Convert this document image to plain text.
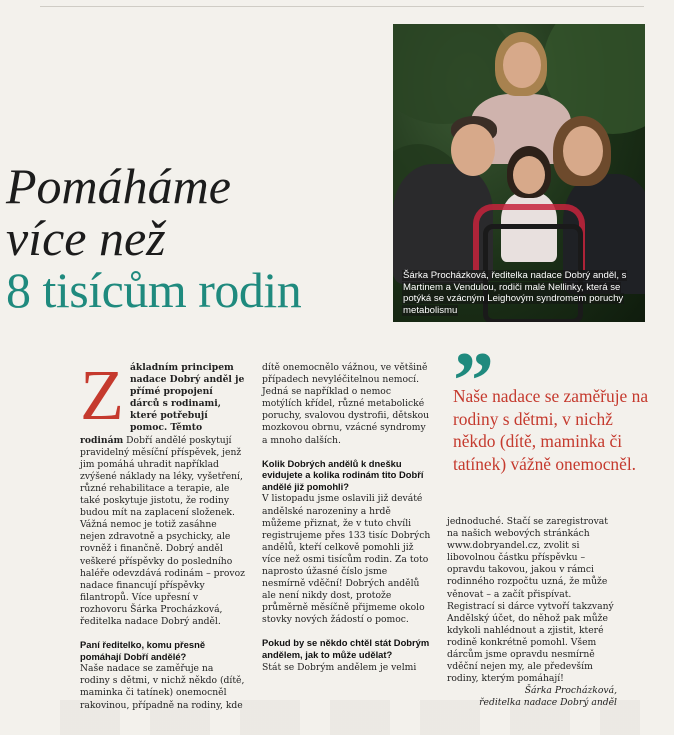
Pomáháme
více než
8 tisícům rodin	Šárka Procházková, ředitelka nadace Dobrý anděl, s Martinem a Vendulou, rodiči malé Nellinky, která se potýká se vzácným Leighovým syndromem poruchy metabolismu

Z ákladním principem nadace Dobrý anděl je přímé propojení dárců s rodinami, které potřebují pomoc. Těmto rodinám Dobří andělé poskytují pravidelný měsíční příspěvek, jenž jim pomáhá uhradit například zvýšené náklady na léky, vyšetření, různé rehabilitace a terapie, ale také poskytuje jistotu, že rodiny budou mít na zaplacení složenek. Vážná nemoc je totiž zasáhne nejen zdravotně a psychicky, ale rovněž i finančně. Dobrý anděl veškeré příspěvky do posledního haléře odevzdává rodinám – provoz nadace financují příspěvky filantropů. Více upřesní v rozhovoru Šárka Procházková, ředitelka nadace Dobrý anděl.

Paní ředitelko, komu přesně pomáhají Dobří andělé?

Naše nadace se zaměřuje na rodiny s dětmi, v nichž někdo (dítě, maminka či tatínek) onemocněl rakovinou, případně na rodiny, kde

dítě onemocnělo vážnou, ve většině případech nevyléčitelnou nemocí. Jedná se například o nemoc motýlích křídel, různé metabolické poruchy, svalovou dystrofii, dětskou mozkovou obrnu, vzácné syndromy a mnoho dalších.

Kolik Dobrých andělů k dnešku evidujete a kolika rodinám tito Dobří andělé již pomohli?

V listopadu jsme oslavili již deváté andělské narozeniny a hrdě můžeme přiznat, že v tuto chvíli registrujeme přes 133 tisíc Dobrých andělů, kteří celkově pomohli již více než osmi tisícům rodin. Za toto naprosto úžasné číslo jsme nesmírně vděční! Dobrých andělů ale není nikdy dost, protože průměrně měsíčně přijmeme okolo stovky nových žádostí o pomoc.

Pokud by se někdo chtěl stát Dobrým andělem, jak to může udělat?

Stát se Dobrým andělem je velmi

”
Naše nadace se zaměřuje na rodiny s dětmi, v nichž někdo (dítě, maminka či tatínek) vážně onemocněl.

jednoduché. Stačí se zaregistrovat na našich webových stránkách www.dobryandel.cz, zvolit si libovolnou částku příspěvku – opravdu takovou, jakou v rámci rodinného rozpočtu uzná, že může věnovat – a začít přispívat. Registrací si dárce vytvoří takzvaný Andělský účet, do něhož pak může kdykoli nahlédnout a zjistit, které rodině konkrétně pomohl. Všem dárcům jsme opravdu nesmírně vděční nejen my, ale především rodiny, kterým pomáhají!

Šárka Procházková,
ředitelka nadace Dobrý anděl
